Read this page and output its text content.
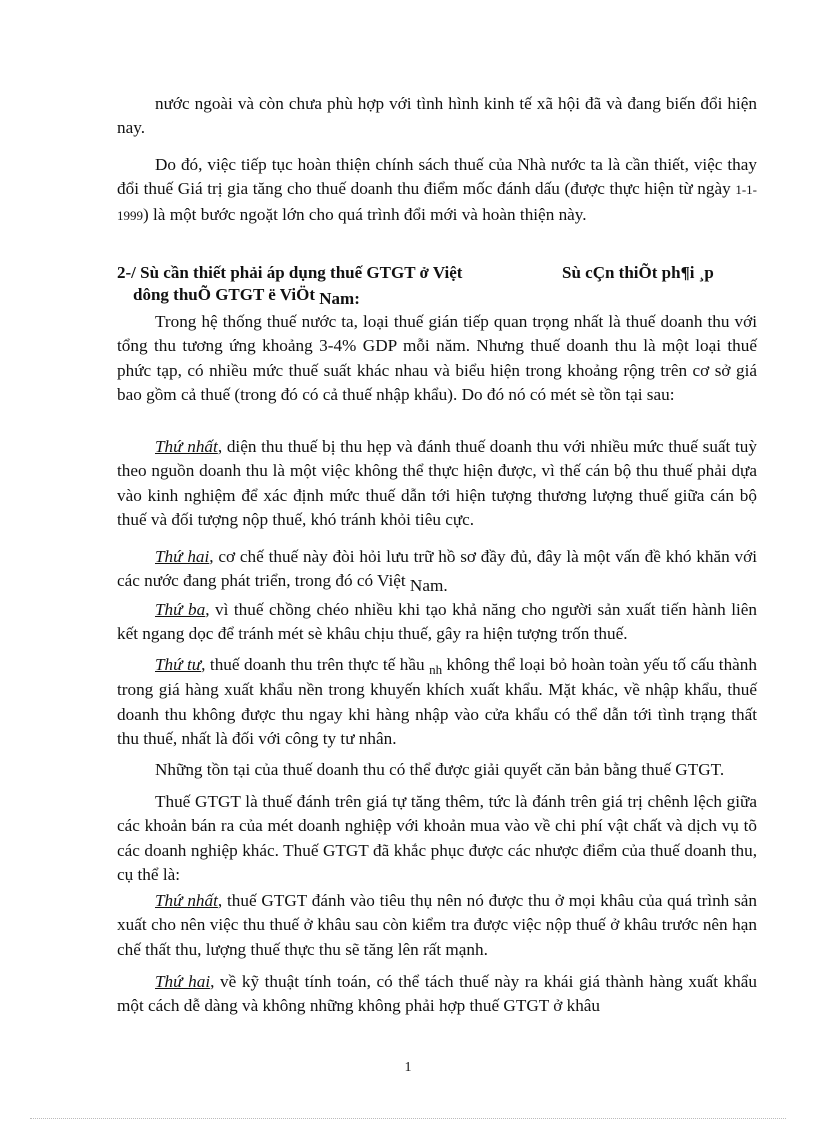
nước ngoài và còn chưa phù hợp với tình hình kinh tế xã hội đã và đang biến đổi hiện nay.

Do đó, việc tiếp tục hoàn thiện chính sách thuế của Nhà nước ta là cần thiết, việc thay đổi thuế Giá trị gia tăng cho thuế doanh thu điểm mốc đánh dấu (được thực hiện từ ngày 1-1-1999) là một bước ngoặt lớn cho quá trình đổi mới và hoàn thiện này.

2-/ Sù cần thiết phải áp dụng thuế GTGT ở Việt	Sù cÇn thiÕt ph¶i ¸p
dông thuÕ GTGT ë ViÖt Nam:

Trong hệ thống thuế nước ta, loại thuế gián tiếp quan trọng nhất là thuế doanh thu với tổng thu tương ứng khoảng 3-4% GDP mỗi năm. Nhưng thuế doanh thu là một loại thuế phức tạp, có nhiều mức thuế suất khác nhau và biểu hiện trong khoảng rộng trên cơ sở giá bao gồm cả thuế (trong đó có cả thuế nhập khẩu). Do đó nó có mét sè tồn tại sau:

Thứ nhất, diện thu thuế bị thu hẹp và đánh thuế doanh thu với nhiều mức thuế suất tuỳ theo nguồn doanh thu là một việc không thể thực hiện được, vì thế cán bộ thu thuế phải dựa vào kinh nghiệm để xác định mức thuế dẫn tới hiện tượng thương lượng thuế giữa cán bộ thuế và đối tượng nộp thuế, khó tránh khỏi tiêu cực.

Thứ hai, cơ chế thuế này đòi hỏi lưu trữ hồ sơ đầy đủ, đây là một vấn đề khó khăn với các nước đang phát triển, trong đó có Việt Nam.

Thứ ba, vì thuế chồng chéo nhiều khi tạo khả năng cho người sản xuất tiến hành liên kết ngang dọc để tránh mét sè khâu chịu thuế, gây ra hiện tượng trốn thuế.

Thứ tư, thuế doanh thu trên thực tế hầu $_{nh}$ không thể loại bỏ hoàn toàn yếu tố cấu thành trong giá hàng xuất khẩu nền trong khuyến khích xuất khẩu. Mặt khác, về nhập khẩu, thuế doanh thu không được thu ngay khi hàng nhập vào cửa khẩu có thể dẫn tới tình trạng thất thu thuế, nhất là đối với công ty tư nhân.

Những tồn tại của thuế doanh thu có thể được giải quyết căn bản bằng thuế GTGT.

Thuế GTGT là thuế đánh trên giá tự tăng thêm, tức là đánh trên giá trị chênh lệch giữa các khoản bán ra của mét doanh nghiệp với khoản mua vào về chi phí vật chất và dịch vụ tõ các doanh nghiệp khác. Thuế GTGT đã khắc phục được các nhược điểm của thuế doanh thu, cụ thể là:

Thứ nhất, thuế GTGT đánh vào tiêu thụ nên nó được thu ở mọi khâu của quá trình sản xuất cho nên việc thu thuế ở khâu sau còn kiểm tra được việc nộp thuế ở khâu trước nên hạn chế thất thu, lượng thuế thực thu sẽ tăng lên rất mạnh.

Thứ hai, về kỹ thuật tính toán, có thể tách thuế này ra khái giá thành hàng xuất khẩu một cách dễ dàng và không những không phải hợp thuế GTGT ở khâu

1
